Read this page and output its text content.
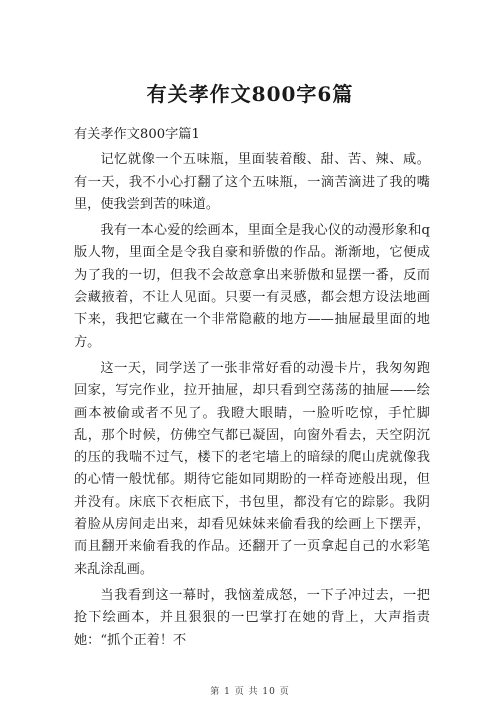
有关孝作文800字6篇
有关孝作文800字篇1

记忆就像一个五味瓶，里面装着酸、甜、苦、辣、咸。有一天，我不小心打翻了这个五味瓶，一滴苦滴进了我的嘴里，使我尝到苦的味道。

我有一本心爱的绘画本，里面全是我心仪的动漫形象和q版人物，里面全是令我自豪和骄傲的作品。渐渐地，它便成为了我的一切，但我不会故意拿出来骄傲和显摆一番，反而会藏掖着，不让人见面。只要一有灵感，都会想方设法地画下来，我把它藏在一个非常隐蔽的地方——抽屉最里面的地方。

这一天，同学送了一张非常好看的动漫卡片，我匆匆跑回家，写完作业，拉开抽屉，却只看到空荡荡的抽屉——绘画本被偷或者不见了。我瞪大眼睛，一脸听吃惊，手忙脚乱，那个时候，仿佛空气都已凝固，向窗外看去，天空阴沉的压的我喘不过气，楼下的老宅墙上的暗绿的爬山虎就像我的心情一般忧郁。期待它能如同期盼的一样奇迹般出现，但并没有。床底下衣柜底下，书包里，都没有它的踪影。我阴着脸从房间走出来，却看见妹妹来偷看我的绘画上下摆弄，而且翻开来偷看我的作品。还翻开了一页拿起自己的水彩笔来乱涂乱画。

当我看到这一幕时，我恼羞成怒，一下子冲过去，一把抢下绘画本，并且狠狠的一巴掌打在她的背上，大声指责她：“抓个正着！不

第 1 页 共 10 页
